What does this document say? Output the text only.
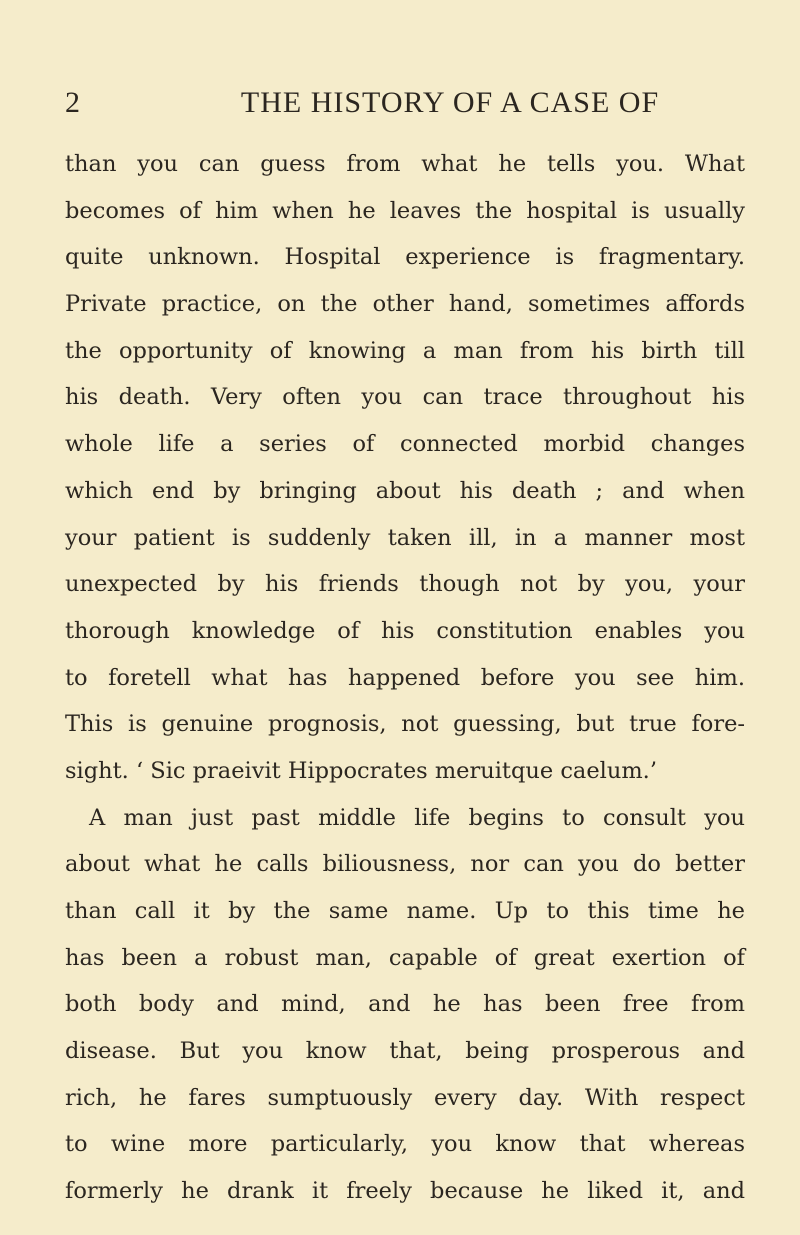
2	THE HISTORY OF A CASE OF
than you can guess from what he tells you. What
becomes of him when he leaves the hospital is usually
quite unknown. Hospital experience is fragmentary.
Private practice, on the other hand, sometimes affords
the opportunity of knowing a man from his birth till
his death. Very often you can trace throughout his
whole life a series of connected morbid changes
which end by bringing about his death ; and when
your patient is suddenly taken ill, in a manner most
unexpected by his friends though not by you, your
thorough knowledge of his constitution enables you
to foretell what has happened before you see him.
This is genuine prognosis, not guessing, but true fore-
sight. ‘ Sic praeivit Hippocrates meruitque caelum.’
A man just past middle life begins to consult you
about what he calls biliousness, nor can you do better
than call it by the same name. Up to this time he
has been a robust man, capable of great exertion of
both body and mind, and he has been free from
disease. But you know that, being prosperous and
rich, he fares sumptuously every day. With respect
to wine more particularly, you know that whereas
formerly he drank it freely because he liked it, and
